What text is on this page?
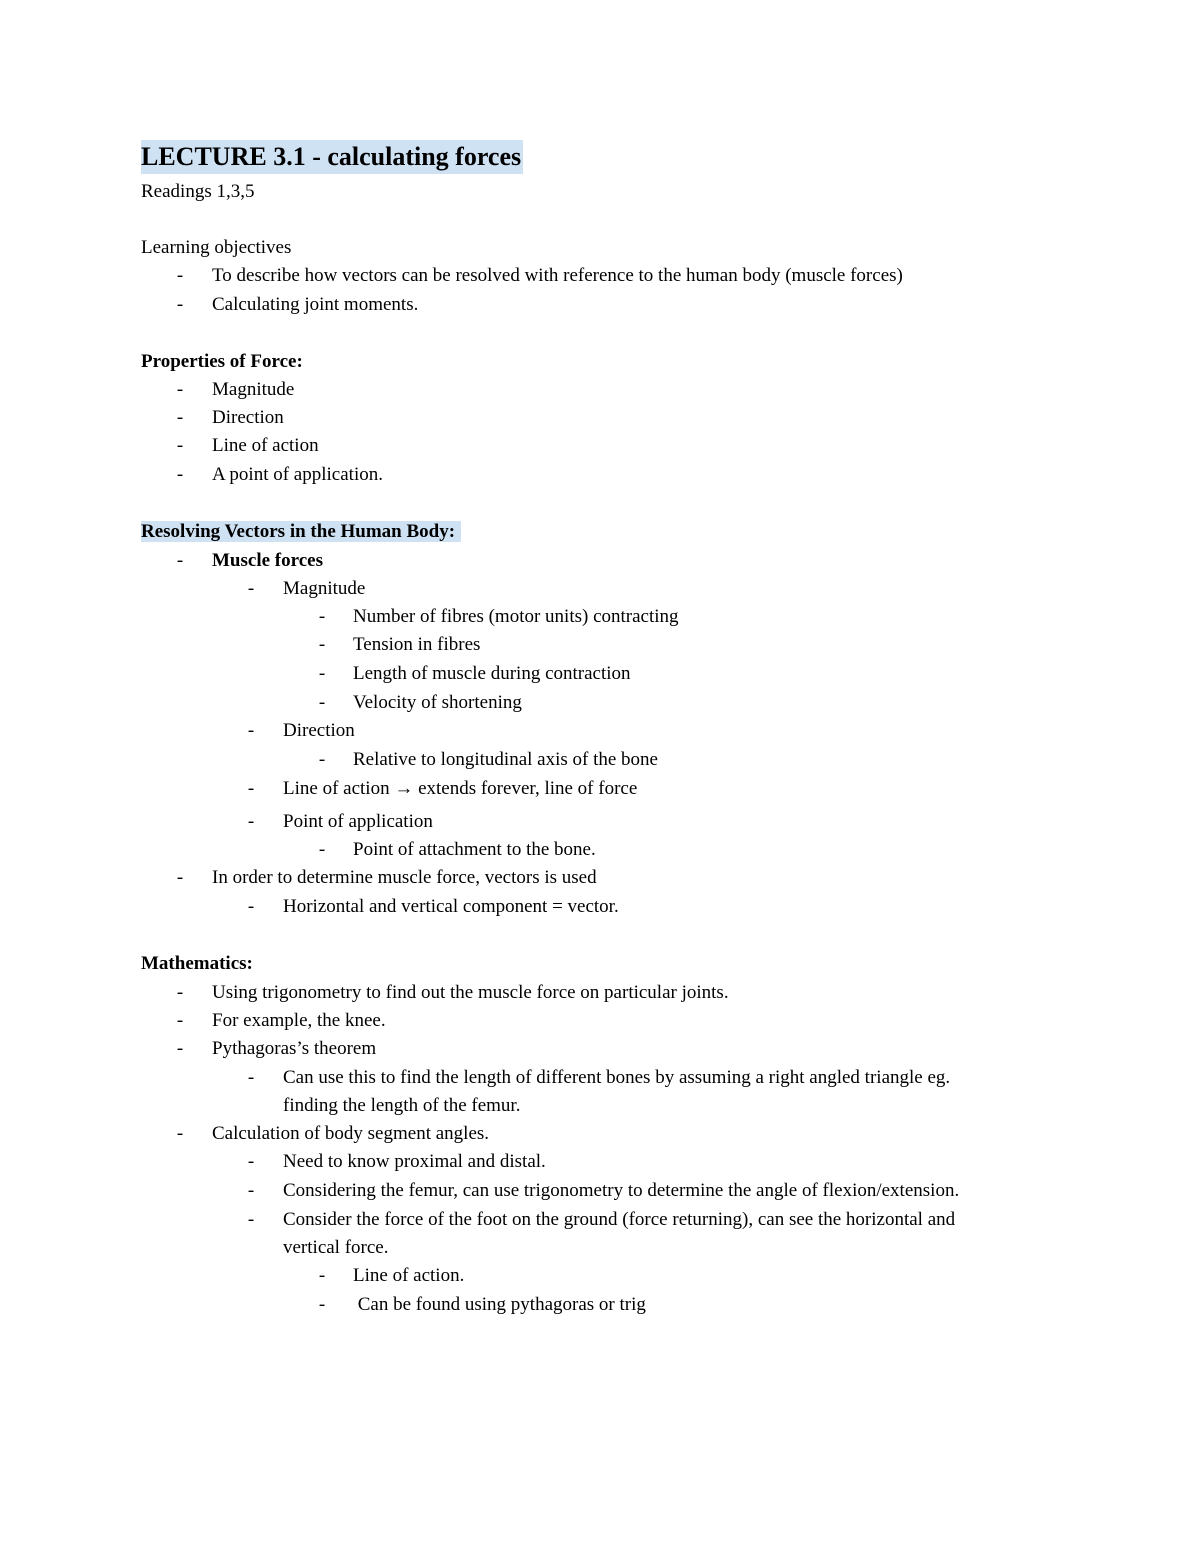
LECTURE 3.1 - calculating forces
Readings 1,3,5
Learning objectives
- To describe how vectors can be resolved with reference to the human body (muscle forces)
- Calculating joint moments.
Properties of Force:
- Magnitude
- Direction
- Line of action
- A point of application.
Resolving Vectors in the Human Body:
- Muscle forces
- Magnitude
- Number of fibres (motor units) contracting
- Tension in fibres
- Length of muscle during contraction
- Velocity of shortening
- Direction
- Relative to longitudinal axis of the bone
- Line of action → extends forever, line of force
- Point of application
- Point of attachment to the bone.
- In order to determine muscle force, vectors is used
- Horizontal and vertical component = vector.
Mathematics:
- Using trigonometry to find out the muscle force on particular joints.
- For example, the knee.
- Pythagoras’s theorem
- Can use this to find the length of different bones by assuming a right angled triangle eg.
finding the length of the femur.
- Calculation of body segment angles.
- Need to know proximal and distal.
- Considering the femur, can use trigonometry to determine the angle of flexion/extension.
- Consider the force of the foot on the ground (force returning), can see the horizontal and
vertical force.
- Line of action.
- Can be found using pythagoras or trig
